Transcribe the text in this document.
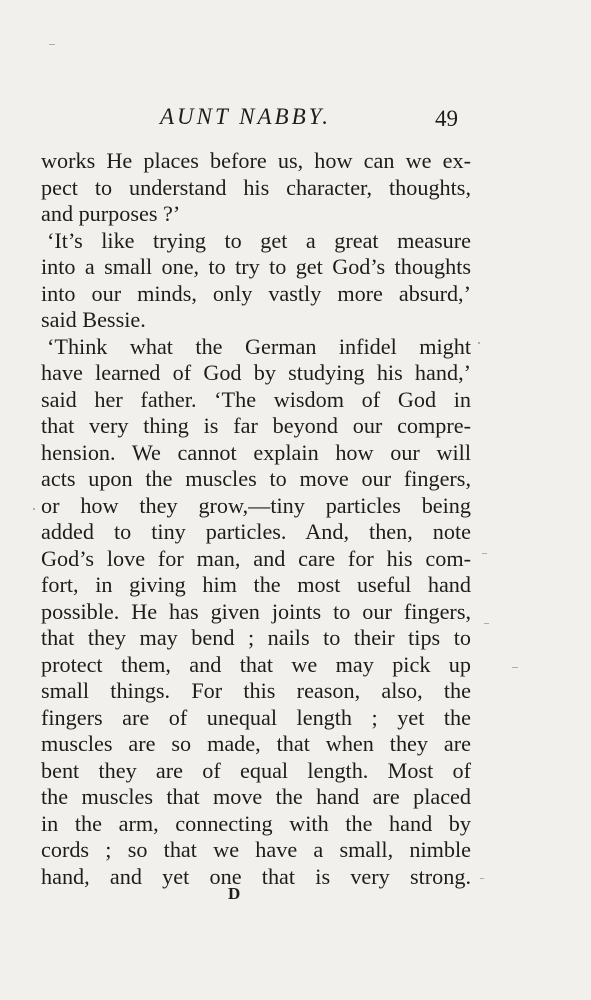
AUNT NABBY.	49
works He places before us, how can we ex-
pect to understand his character, thoughts,
and purposes ?’
‘It’s like trying to get a great measure
into a small one, to try to get God’s thoughts
into our minds, only vastly more absurd,’
said Bessie.
‘Think what the German infidel might
have learned of God by studying his hand,’
said her father. ‘The wisdom of God in
that very thing is far beyond our compre-
hension. We cannot explain how our will
acts upon the muscles to move our fingers,
or how they grow,—tiny particles being
added to tiny particles. And, then, note
God’s love for man, and care for his com-
fort, in giving him the most useful hand
possible. He has given joints to our fingers,
that they may bend ; nails to their tips to
protect them, and that we may pick up
small things. For this reason, also, the
fingers are of unequal length ; yet the
muscles are so made, that when they are
bent they are of equal length. Most of
the muscles that move the hand are placed
in the arm, connecting with the hand by
cords ; so that we have a small, nimble
hand, and yet one that is very strong.
D
